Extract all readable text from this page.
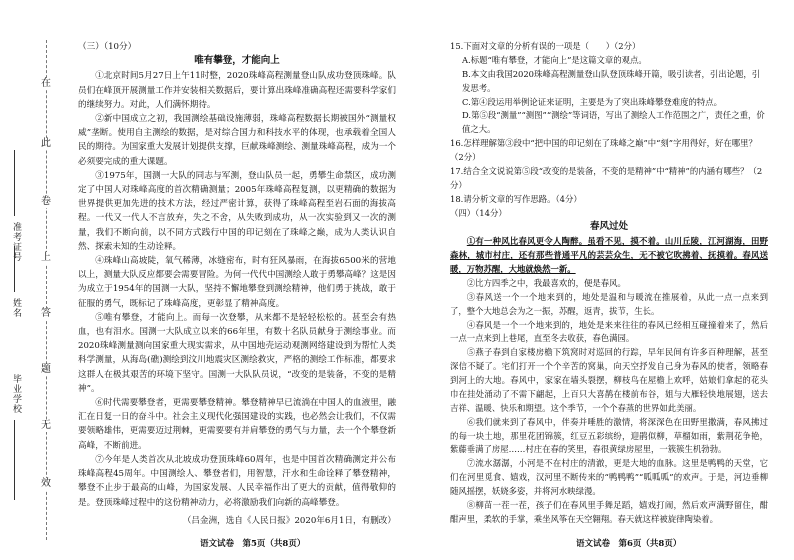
在
此
卷
上
答
题
无
效
准考证号
姓名
毕业学校

（三）（10分）

唯有攀登，才能向上

①北京时间5月27日上午11时整，2020珠峰高程测量登山队成功登顶珠峰。队员们在峰顶开展测量工作并安装相关数据后，要计算出珠峰准确高程还需要科学家们的继续努力。对此，人们满怀期待。

②新中国成立之初，我国测绘基础设施薄弱，珠峰高程数据长期被国外“测量权威”垄断。使用自主测绘的数据，是对综合国力和科技水平的体现，也承载着全国人民的期待。为国家重大发展计划提供支撑，巨献珠峰测绘、测量珠峰高程，成为一个必须要完成的重大课题。

③1975年，国测一大队的同志与军测，登山队员一起，勇攀生命禁区，成功测定了中国人对珠峰高度的首次精确测量；2005年珠峰高程复测，以更精确的数据为世界提供更加先进的技术方法，经过严密计算，获得了珠峰高程至岩石面的海拔高程。一代又一代人不言放弃，失之不舍，从失败到成功，从一次实验到又一次的测量，我们不断向前，以不同方式践行中国的印记刻在了珠峰之巅，成为人类认识自然、探索未知的生动诠释。

④珠峰山高坡陡，氧气稀薄，冰缝密布，时有狂风暴雨，在海拔6500米的营地以上，测量大队反应都要会需要冒险。为何一代代中国测绘人敢于勇攀高峰？这是因为成立于1954年的国测一大队，坚持不懈地攀登到测绘精神，他们勇于挑战，敢于征服的勇气，既标记了珠峰高度，更彰显了精神高度。

⑤唯有攀登，才能向上。而每一次登攀，从来都不是轻轻松松的。甚至会有热血，也有泪水。国测一大队成立以来的66年里，有数十名队员献身于测绘事业。而2020珠峰测量测向国家重大现实需求，从中国地壳运动观测网络建设到为帮忙人类科学测量，从海岛(礁)测绘到汶川地震灾区测绘救灾，严格的测绘工作标准，都要求这群人在极其艰苦的环境下坚守。国测一大队队员说，“改变的是装备，不变的是精神”。

⑥时代需要攀登者，更需要攀登精神。攀登精神早已流淌在中国人的血液里，融汇在日复一日的奋斗中。社会主义现代化强国建设的实践，也必然会让我们，不仅需要领略雄伟，更需要迈过荆棘，更需要要有并肩攀登的勇气与力量，去一个个攀登新高峰，不断前进。

⑦今年是人类首次从北坡成功登顶珠峰60周年，也是中国首次精确测定并公布珠峰高程45周年。中国测绘人、攀登者们，用智慧，汗水和生命诠释了攀登精神，攀登不止步于最高的山峰，为国家发展、人民幸福作出了更大的贡献，值得敬仰的是。登顶珠峰过程中的这份精神动力，必将激励我们向新的高峰攀登。

（吕金洲，选自《人民日报》2020年6月1日，有删改）

15.下面对文章的分析有误的一项是（　　）（2分）

A.标题“唯有攀登，才能向上”是这篇文章的观点。

B.本文由我国2020珠峰高程测量登山队登顶珠峰开篇，吸引读者，引出论题，引发思考。

C.第④段运用举例论证来证明，主要是为了突出珠峰攀登难度的特点。

D.第⑤段“测量”“测图”“测绘”等词语，写出了测绘人工作范围之广，责任之重，价值之大。

16.怎样理解第③段中“把中国的印记刻在了珠峰之巅”中“刻”字用得好，好在哪里？（2分）

17.结合全文说说第⑤段“改变的是装备，不变的是精神”中“精神”的内涵有哪些？（2分）

18.请分析文章的写作思路。（4分）

（四）（14分）

春风过处

①有一种风比春风更令人陶醉。虽看不见，摸不着。山川丘陵，江河湖海，田野森林，城市村庄，还有那些普通平凡的芸芸众生，无不被它吹拂着、抚摸着。春风送暖，万物苏醒，大地就焕然一新。

②比方四季之中，我最喜欢的，便是春风。

③春风送一个一个地来到的，地处是温和与暖流在推展着，从此一点一点来到了，整个大地总会为之一振，苏醒，返青，拔节，生长。

④春风是一个一个地来到的，地处是来来往往的春风已经相互碰撞着来了，然后一点一点来到上巷尾，直至冬去收获，春色满园。

⑤燕子春到自家楼房檐下筑窝时对巡回的行踪，早年民间有许多百种理解，甚至深信不疑了。宅们打开一个个辛苦的窝巢，向天空抒发自己身为春风的使者，领略春到河上的大地。春风中，家家在墙头裂摆，柳枝鸟在屋檐上欢呼，姑娘们拿起的花头巾在挂处涌动了不需下翩起，上百只大喜鹊在楼前布谷，姐与大雁轻快地展翅，送去吉祥、温暖、快乐和期望。这个季节，一个个春蒸的世界如此美丽。

⑥我们就来到了春风中，伴奏并唾胜的激情，将深深色在田野里撒满，春风拂过的每一块土地，那里花团锦簇，红豆五彩缤纷，迎鹃似柳，草榴如雨，紫荆花争艳，紫藤垂满了房屋……村庄在春的笑里，春很黄绿房屋里，一簇簇生机勃勃。

⑦流水潺潺，小河是不在村庄的清澈，更是大地的血脉。这里是鸭鸭的天堂，它们在河里觅食、嬉戏，汉河里不断传来的“鸭鸭鸭”“呱呱呱”的欢声。于是，河边垂柳随风摇摆，妖娆多姿，并将河水映绿漫。

⑧柳苗一茬一茬，孩子们在春风里手舞足蹈，嬉戏打闹，然后欢声满野留住，酣酣声里，柔软的手掌，乘坐风筝在天空翱翔。春天就这样被旋律陶染着。

语文试卷　第5页（共8页）	语文试卷　第6页（共8页）
